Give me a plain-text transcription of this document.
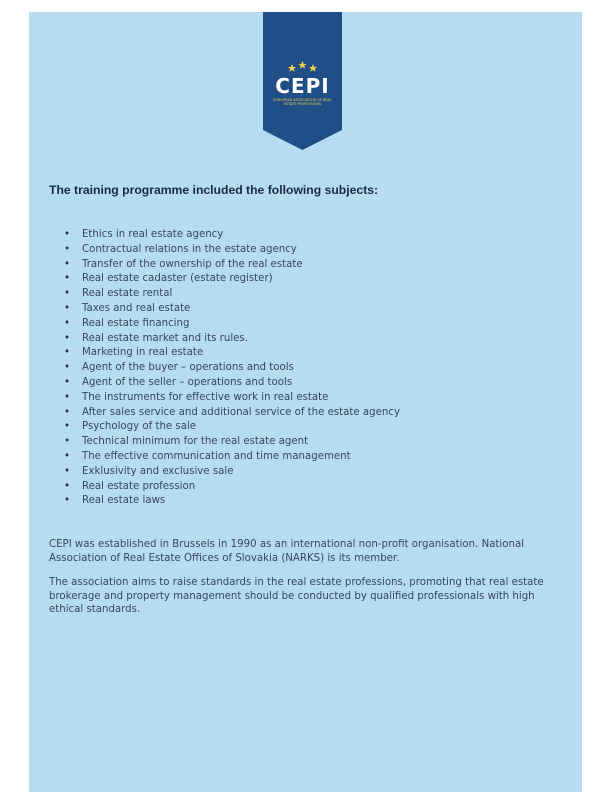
CEPI
EUROPEAN ASSOCIATION OF REAL ESTATE PROFESSIONS
The training programme included the following subjects:
• Ethics in real estate agency
• Contractual relations in the estate agency
• Transfer of the ownership of the real estate
• Real estate cadaster (estate register)
• Real estate rental
• Taxes and real estate
• Real estate financing
• Real estate market and its rules.
• Marketing in real estate
• Agent of the buyer – operations and tools
• Agent of the seller – operations and tools
• The instruments for effective work in real estate
• After sales service and additional service of the estate agency
• Psychology of the sale
• Technical minimum for the real estate agent
• The effective communication and time management
• Exklusivity and exclusive sale
• Real estate profession
• Real estate laws

CEPI was established in Brussels in 1990 as an international non-profit organisation. National Association of Real Estate Offices of Slovakia (NARKS) is its member.

The association aims to raise standards in the real estate professions, promoting that real estate brokerage and property management should be conducted by qualified professionals with high ethical standards.
